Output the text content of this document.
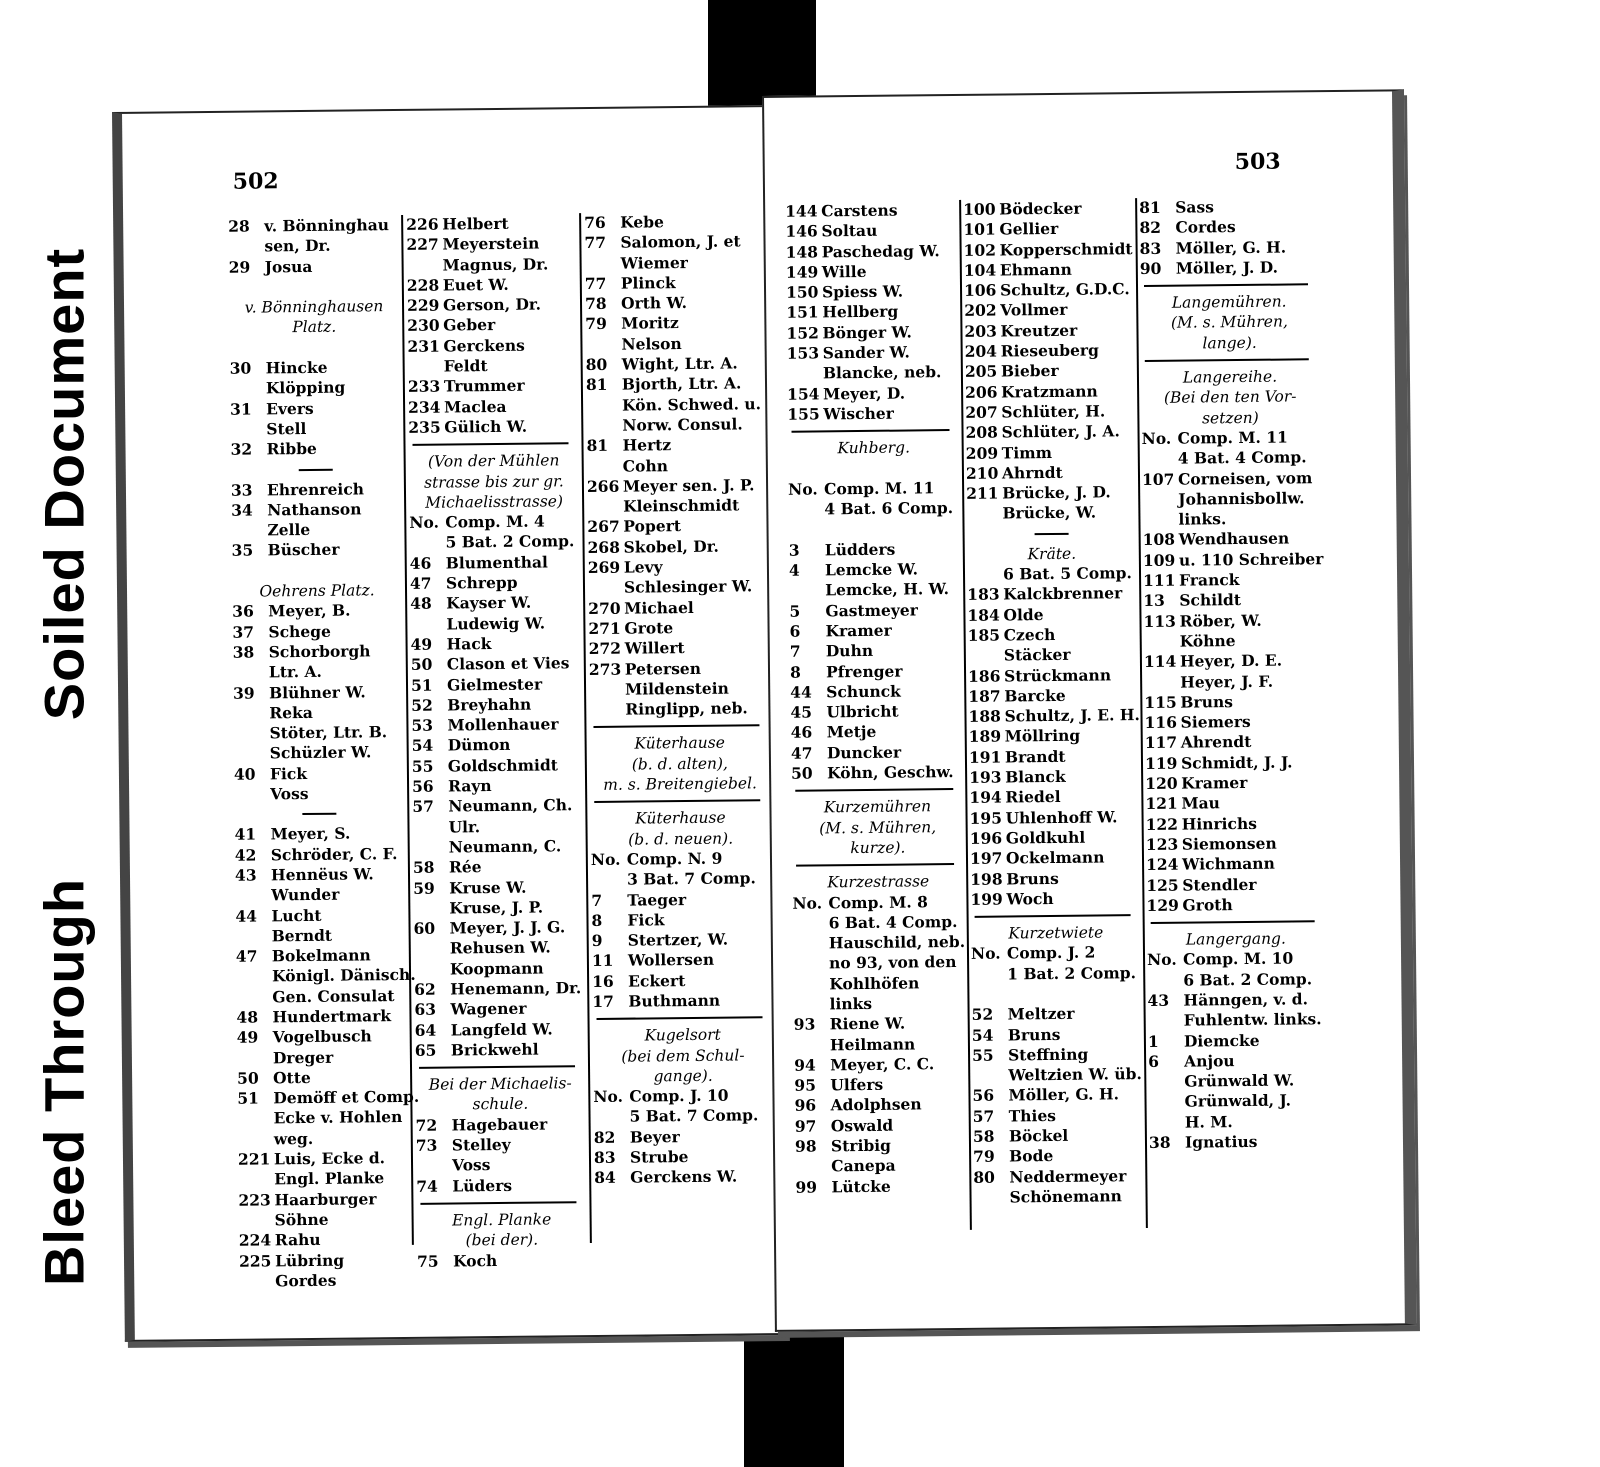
Soiled Document
Bleed Through
502
28 v. Bönninghau
sen, Dr.
29 Josua
v. Bönninghausen
Platz.
30 Hincke
Klöpping
31 Evers
Stell
32 Ribbe
33 Ehrenreich
34 Nathanson
Zelle
35 Büscher
Oehrens Platz.
36 Meyer, B.
37 Schege
38 Schorborgh
Ltr. A.
39 Blühner W.
Reka
Stöter, Ltr. B.
Schüzler W.
40 Fick
Voss
41 Meyer, S.
42 Schröder, C. F.
43 Hennëus W.
Wunder
44 Lucht
Berndt
47 Bokelmann
Königl. Dänisch.
Gen. Consulat
48 Hundertmark
49 Vogelbusch
Dreger
50 Otte
51 Demöff et Comp.
Ecke v. Hohlen
weg.
221 Luis, Ecke d.
Engl. Planke
223 Haarburger
Söhne
224 Rahu
225 Lübring
Gordes
226 Helbert
227 Meyerstein
Magnus, Dr.
228 Euet W.
229 Gerson, Dr.
230 Geber
231 Gerckens
Feldt
233 Trummer
234 Maclea
235 Gülich W.
(Von der Mühlen
strasse bis zur gr.
Michaelisstrasse)
No. Comp. M. 4
5 Bat. 2 Comp.
46 Blumenthal
47 Schrepp
48 Kayser W.
Ludewig W.
49 Hack
50 Clason et Vies
51 Gielmester
52 Breyhahn
53 Mollenhauer
54 Dümon
55 Goldschmidt
56 Rayn
57 Neumann, Ch.
Ulr.
Neumann, C.
58 Rée
59 Kruse W.
Kruse, J. P.
60 Meyer, J. J. G.
Rehusen W.
Koopmann
62 Henemann, Dr.
63 Wagener
64 Langfeld W.
65 Brickwehl
Bei der Michaelis-
schule.
72 Hagebauer
73 Stelley
Voss
74 Lüders
Engl. Planke
(bei der).
75 Koch
76 Kebe
77 Salomon, J. et
Wiemer
77 Plinck
78 Orth W.
79 Moritz
Nelson
80 Wight, Ltr. A.
81 Bjorth, Ltr. A.
Kön. Schwed. u.
Norw. Consul.
81 Hertz
Cohn
266 Meyer sen. J. P.
Kleinschmidt
267 Popert
268 Skobel, Dr.
269 Levy
Schlesinger W.
270 Michael
271 Grote
272 Willert
273 Petersen
Mildenstein
Ringlipp, neb.
Küterhause
(b. d. alten),
m. s. Breitengiebel.
Küterhause
(b. d. neuen).
No. Comp. N. 9
3 Bat. 7 Comp.
7 Taeger
8 Fick
9 Stertzer, W.
11 Wollersen
16 Eckert
17 Buthmann
Kugelsort
(bei dem Schul-
gange).
No. Comp. J. 10
5 Bat. 7 Comp.
82 Beyer
83 Strube
84 Gerckens W.
503
144 Carstens
146 Soltau
148 Paschedag W.
149 Wille
150 Spiess W.
151 Hellberg
152 Bönger W.
153 Sander W.
Blancke, neb.
154 Meyer, D.
155 Wischer
Kuhberg.
No. Comp. M. 11
4 Bat. 6 Comp.
3 Lüdders
4 Lemcke W.
Lemcke, H. W.
5 Gastmeyer
6 Kramer
7 Duhn
8 Pfrenger
44 Schunck
45 Ulbricht
46 Metje
47 Duncker
50 Köhn, Geschw.
Kurzemühren
(M. s. Mühren,
kurze).
Kurzestrasse
No. Comp. M. 8
6 Bat. 4 Comp.
Hauschild, neb.
no 93, von den
Kohlhöfen
links
93 Riene W.
Heilmann
94 Meyer, C. C.
95 Ulfers
96 Adolphsen
97 Oswald
98 Stribig
Canepa
99 Lütcke
100 Bödecker
101 Gellier
102 Kopperschmidt
104 Ehmann
106 Schultz, G.D.C.
202 Vollmer
203 Kreutzer
204 Rieseuberg
205 Bieber
206 Kratzmann
207 Schlüter, H.
208 Schlüter, J. A.
209 Timm
210 Ahrndt
211 Brücke, J. D.
Brücke, W.
Kräte.
6 Bat. 5 Comp.
183 Kalckbrenner
184 Olde
185 Czech
Stäcker
186 Strückmann
187 Barcke
188 Schultz, J. E. H.
189 Möllring
191 Brandt
193 Blanck
194 Riedel
195 Uhlenhoff W.
196 Goldkuhl
197 Ockelmann
198 Bruns
199 Woch
Kurzetwiete
No. Comp. J. 2
1 Bat. 2 Comp.
52 Meltzer
54 Bruns
55 Steffning
Weltzien W. üb.
56 Möller, G. H.
57 Thies
58 Böckel
79 Bode
80 Neddermeyer
Schönemann
81 Sass
82 Cordes
83 Möller, G. H.
90 Möller, J. D.
Langemühren.
(M. s. Mühren,
lange).
Langereihe.
(Bei den ten Vor-
setzen)
No. Comp. M. 11
4 Bat. 4 Comp.
107 Corneisen, vom
Johannisbollw.
links.
108 Wendhausen
109 u. 110 Schreiber
111 Franck
13 Schildt
113 Röber, W.
Köhne
114 Heyer, D. E.
Heyer, J. F.
115 Bruns
116 Siemers
117 Ahrendt
119 Schmidt, J. J.
120 Kramer
121 Mau
122 Hinrichs
123 Siemonsen
124 Wichmann
125 Stendler
129 Groth
Langergang.
No. Comp. M. 10
6 Bat. 2 Comp.
43 Hänngen, v. d.
Fuhlentw. links.
1 Diemcke
6 Anjou
Grünwald W.
Grünwald, J.
H. M.
38 Ignatius
